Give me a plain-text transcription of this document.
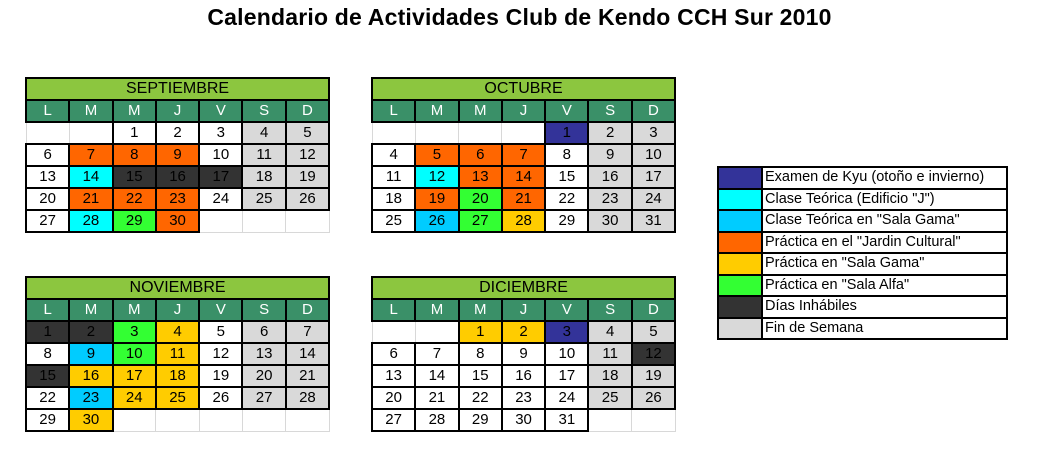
Calendario de Actividades Club de Kendo CCH Sur 2010
SEPTIEMBRE						
L	M	M	J	V	S	D
		1	2	3	4	5
6	7	8	9	10	11	12
13	14	15	16	17	18	19
20	21	22	23	24	25	26
27	28	29	30			
OCTUBRE						
L	M	M	J	V	S	D
				1	2	3
4	5	6	7	8	9	10
11	12	13	14	15	16	17
18	19	20	21	22	23	24
25	26	27	28	29	30	31
NOVIEMBRE						
L	M	M	J	V	S	D
1	2	3	4	5	6	7
8	9	10	11	12	13	14
15	16	17	18	19	20	21
22	23	24	25	26	27	28
29	30					
DICIEMBRE						
L	M	M	J	V	S	D
		1	2	3	4	5
6	7	8	9	10	11	12
13	14	15	16	17	18	19
20	21	22	23	24	25	26
27	28	29	30	31		
	Examen de Kyu (otoño e invierno)
	Clase Teórica (Edificio "J")
	Clase Teórica en "Sala Gama"
	Práctica en el "Jardin Cultural"
	Práctica en "Sala Gama"
	Práctica en "Sala Alfa"
	Días Inhábiles
	Fin de Semana
